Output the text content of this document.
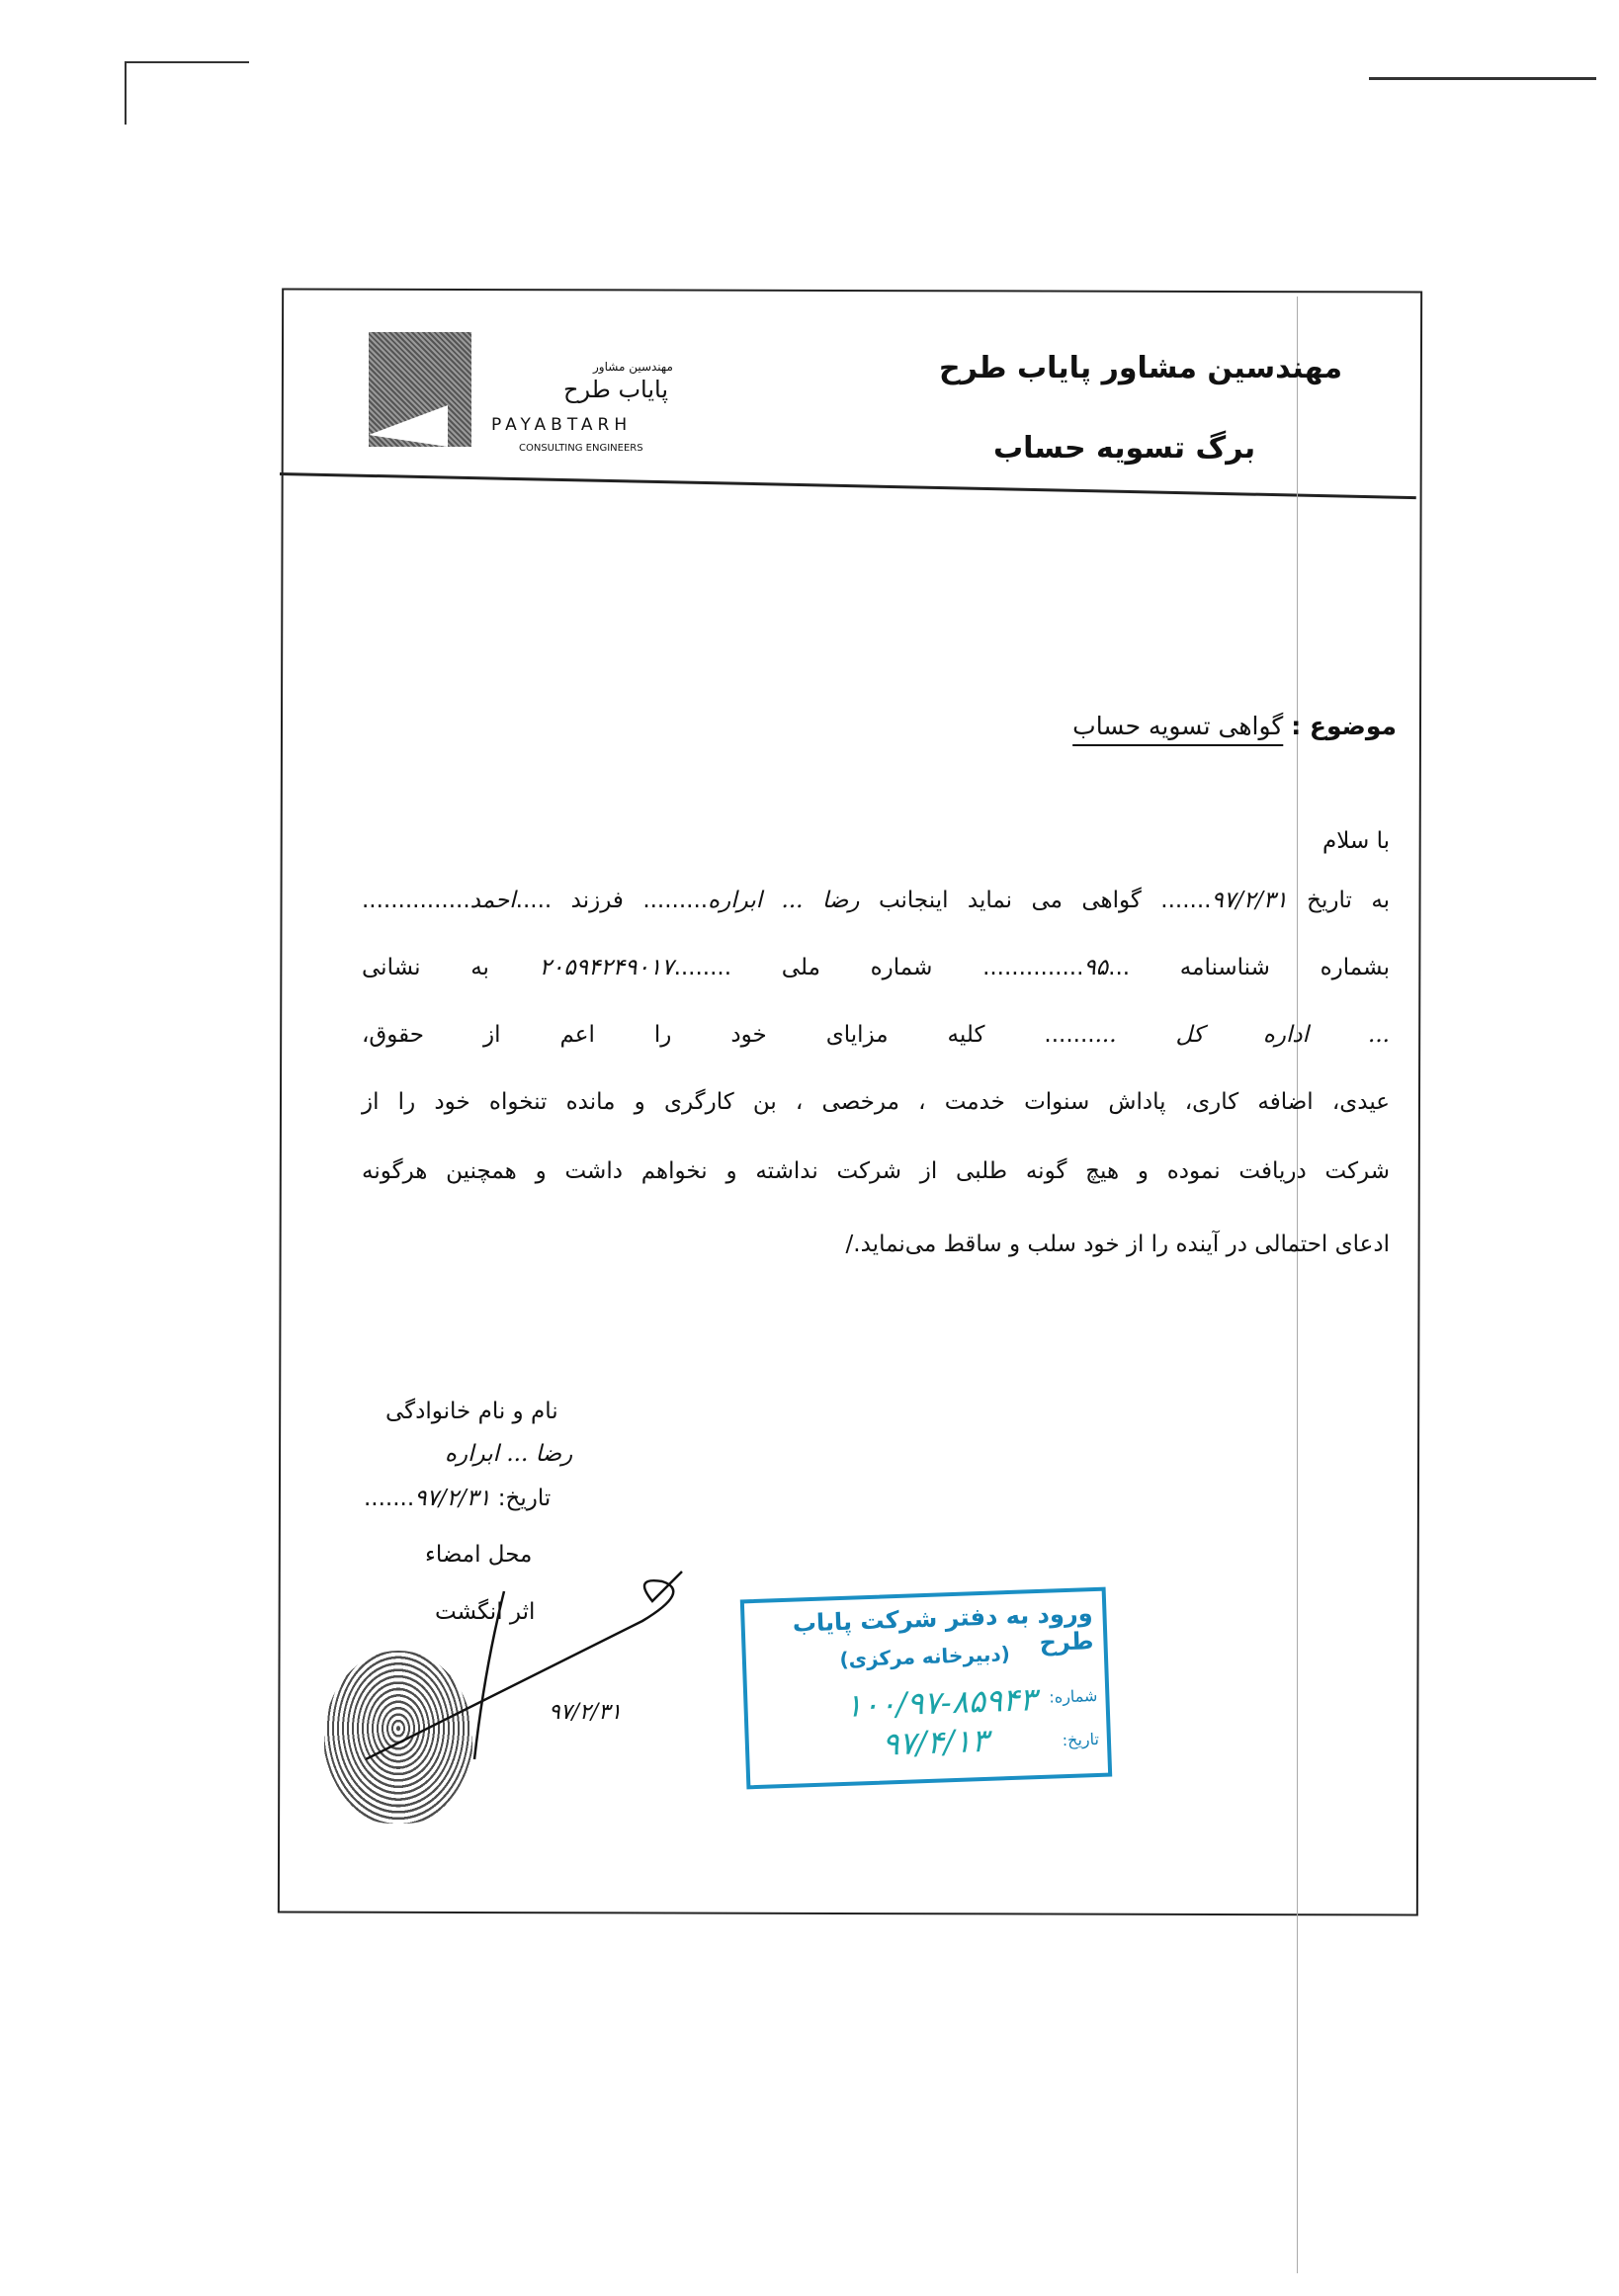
مهندسین مشاور پایاب طرح
برگ تسویه حساب
مهندسین مشاور
پایاب طرح
PAYABTARH
CONSULTING ENGINEERS
موضوع : گواهی تسویه حساب
با سلام
به تاریخ ۹۷/۲/۳۱....... گواهی می نماید اینجانب رضا ... ابراره......... فرزند .....احمد...............
بشماره شناسنامه ...۹۵.............. شماره ملی ........۲۰۵۹۴۲۴۹۰۱۷ به نشانی
... اداره کل .......... کلیه مزایای خود را اعم از حقوق،
عیدی، اضافه کاری، پاداش سنوات خدمت ، مرخصی ، بن کارگری و مانده تنخواه خود را از
شرکت دریافت نموده و هیچ گونه طلبی از شرکت نداشته و نخواهم داشت و همچنین هرگونه
ادعای احتمالی در آینده را از خود سلب و ساقط می‌نماید./
نام و نام خانوادگی
رضا ... ابراره
تاریخ: ۹۷/۲/۳۱.......
محل امضاء
اثر انگشت
۹۷/۲/۳۱
ورود به دفتر شرکت پایاب طرح
(دبیرخانه مرکزی)
شماره:
۱۰۰/۹۷-۸۵۹۴۳
تاریخ:
۹۷/۴/۱۳
